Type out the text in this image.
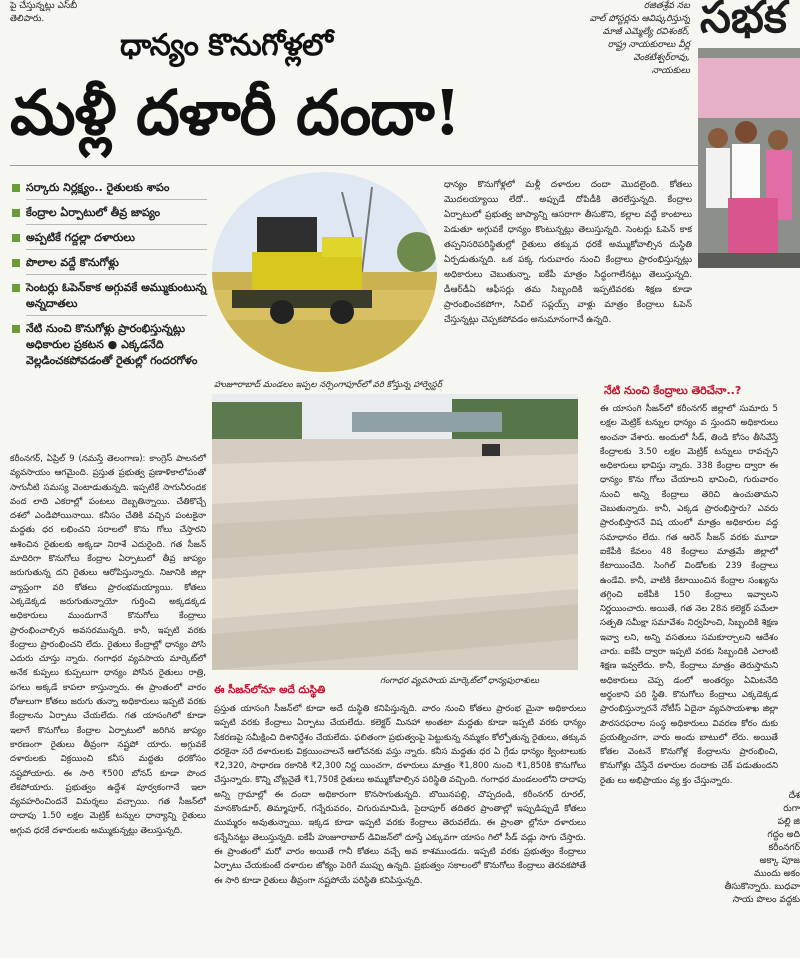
పై చేస్తున్నట్లు ఎస్‌బీ
తెలిపారు.
రజితశ్రేవ నబ
వాల్ పోస్టర్లను ఆవిష్కరిస్తున్న
మాజీ ఎమ్మెల్యే రవిశంకర్,
రాష్ట్ర నాయకురాలు వీర్ల
వెంకటేశ్వర్‌రావు,
నాయకులు
సభక
ధాన్యం కొనుగోళ్లలో
మళ్లీ దళారీ దందా!
సర్కారు నిర్లక్ష్యం.. రైతులకు శాపం
కేంద్రాల ఏర్పాటులో తీవ్ర జాప్యం
అప్పటికే గద్దల్లా దళారులు
పొలాల వద్దే కొనుగోళ్లు
సెంటర్లు ఓపెన్‌కాక అగ్గువకే అమ్ముకుంటున్న అన్నదాతలు
నేటి నుంచి కొనుగోళ్లు ప్రారంభిస్తున్నట్లు అధికారుల ప్రకటన ● ఎక్కడనేది వెల్లడించకపోవడంతో రైతుల్లో గందరగోళం
ధాన్యం కొనుగోళ్లలో మళ్లీ దళారుల దందా మొదలైంది. కోతలు మొదలయ్యాయి లేదో.. అప్పుడే దోపిడీకి తెరలేస్తున్నది. కేంద్రాల ఏర్పాటులో ప్రభుత్వ జాప్యాన్ని ఆసరాగా తీసుకొని, కల్లాల వద్దే కాంటాలు పెడుతూ అగ్గువకే ధాన్యం కొంటున్నట్లు తెలుస్తున్నది. సెంటర్లు ఓపెన్ కాక తప్పనిసరిపరిస్థితుల్లో రైతులు తక్కువ ధరకే అమ్ముకోవాల్సిన దుస్థితి ఏర్పడుతున్నది. ఒక పక్క గురువారం నుంచి కేంద్రాలు ప్రారంభిస్తున్నట్లు అధికారులు చెబుతున్నా, ఐకేపీ మాత్రం సిద్ధంగాలేనట్లు తెలుస్తున్నది. డీఆర్‌డీఏ ఆఫీసర్లు తమ సిబ్బందికి ఇప్పటివరకు శిక్షణ కూడా ప్రారంభించకపోగా, సివిల్ సప్లయ్స్ వాళ్లు మాత్రం కేంద్రాలు ఓపెన్ చేస్తున్నట్లు చెప్పకపోవడం అనుమానంగానే ఉన్నది.
హుజూరాబాద్ మండలం ఇప్పల నర్సింగాపూర్‌లో వరి కోస్తున్న హార్వెస్టర్
గంగాధర వ్యవసాయ మార్కెట్‌లో ధాన్యపురాశులు
కరీంనగర్, ఏప్రిల్ 9 (నమస్తే తెలంగాణ): కాంగ్రెస్ పాలనలో వ్యవసాయం ఆగమైంది. ప్రస్తుత ప్రభుత్వ ప్రణాళికాలోపంతో సాగునీటి సమస్య వెంటాడుతున్నది. ఇప్పటికే సాగునీరందక వంద లాది ఎకరాల్లో పంటలు దెబ్బతిన్నాయి. చేతికొచ్చే దశలో ఎండిపోయినాయి. కనీసం చేతికి వచ్చిన పంటకైనా మద్దతు ధర లభించని సరాలలో కొను గోలు చేస్తారని ఆశించిన రైతులకు అక్కడా నిరాశే ఎదురైంది. గత సీజన్ మాదిరిగా కొనుగోలు కేంద్రాల ఏర్పాటులో తీవ్ర జాప్యం జరుగుతున్న దని రైతులు ఆరోపిస్తున్నారు. నిజానికి జిల్లా వ్యాప్తంగా వరి కోతలు ప్రారంభమయ్యాయి. కోతలు ఎక్కడెక్కడ జరుగుతున్నాయో గుర్తించి అక్కడక్కడ అధికారులు ముందుగానే కొనుగోలు కేంద్రాలు ప్రారంభించాల్సిన అవసరమున్నది. కానీ, ఇప్పటి వరకు కేంద్రాలు ప్రారంభించని లేదు. రైతులు కేంద్రాల్లో ధాన్యం పోసి ఎదురు చూస్తు న్నారు. గంగాధర వ్యవసాయ మార్కెట్‌లో అనేక కుప్పలు కుప్పలుగా ధాన్యం పోసిన రైతులు రాత్రి, పగలు అక్కడే కాపలా కాస్తున్నారు. ఈ ప్రాంతంలో వారం రోజులుగా కోతలు జరుగు తున్నా అధికారులు ఇప్పటి వరకు కేంద్రాలను ఏర్పాటు చేయలేదు. గత యాసంగిలో కూడా ఇలాగే కొనుగోలు కేంద్రాల ఏర్పాటులో జరిగిన జాప్యం కారణంగా రైతులు తీవ్రంగా నష్టపో యారు. అగ్గువకే దళారులకు విక్రయించి కనీస మద్దతు ధరకోసం నష్టపోయారు. ఈ సారి ₹500 బోనస్ కూడా పొంద లేకపోయారు. ప్రభుత్వం ఉద్దేశ పూర్వకంగానే ఇలా వ్యవహరించిందనే విమర్శలు వచ్చాయి. గత సీజన్‌లో దాదాపు 1.50 లక్షల మెట్రిక్ టన్నుల ధాన్యాన్ని రైతులు అగ్గువ ధరకే దళారులకు అమ్ముకున్నట్లు తెలుస్తున్నది.
ఈ సీజన్‌లోనూ అదే దుస్థితి
ప్రస్తుత యాసంగి సీజన్‌లో కూడా అదే దుస్థితి కనిపిస్తున్నది. వారం నుంచి కోతలు ప్రారంభ మైనా అధికారులు ఇప్పటి వరకు కేంద్రాలు ఏర్పాటు చేయలేదు. కలెక్టర్ మినహా అంతటా మద్దతు కూడా ఇప్పటి వరకు ధాన్యం సేకరణపై సమీక్షించి దిశానిర్దేశం చేయలేదు. ఫలితంగా ప్రభుత్వంపై పెట్టుకున్న నమ్మకం కోల్పోతున్న రైతులు, తక్కువ ధరకైనా సరే దళారులకు విక్రయించాలనే ఆలోచనకు వస్తు న్నారు. కనీస మద్దతు ధర ఏ గ్రేడు ధాన్యం క్వింటాలుకు ₹2,320, సాధారణ రకానికి ₹2,300 నిర్ణ యించగా, దళారులు మాత్రం ₹1,800 నుంచి ₹1,850కి కొనుగోలు చేస్తున్నారు. కొన్ని చోట్లనైతే ₹1,750కే రైతులు అమ్ముకోవాల్సిన పరిస్థితి వచ్చింది. గంగాధర మండలంలోని దాదాపు అన్ని గ్రామాల్లో ఈ దందా అధికారంగా కొనసాగుతున్నది. బొయినపల్లి, చొప్పదండి, కరీంనగర్ రూరల్, మానకొండూర్, తిమ్మాపూర్, గన్నేరువరం, చిగురుమామిడి, సైదాపూర్ తదితర ప్రాంతాల్లో ఇప్పుడిప్పుడే కోతలు ముమ్మరం అవుతున్నాయి. ఇక్కడ కూడా ఇప్పటి వరకు కేంద్రాలు తెరువలేదు. ఈ ప్రాంతా ల్లోనూ దళారులు కన్నేసినట్టు తెలుస్తున్నది. ఐకేపీ హుజూరాబాద్ డివిజన్‌లో దూస్తే ఎక్కువగా యాసం గిలో సీడ్ వడ్లు సాగు చేస్తారు. ఈ ప్రాంతంలో మరో వారం అయితే గానీ కోతలు వచ్చే అవ కాశముండదు. ఇప్పటి వరకు ప్రభుత్వం కేంద్రాలు ఏర్పాటు చేయకుంటే దళారుల జోక్యం పెరిగే ముప్పు ఉన్నది. ప్రభుత్వం సకాలంలో కొనుగోలు కేంద్రాలు తెరవకపోతే ఈ సారి కూడా రైతులు తీవ్రంగా నష్టపోయే పరిస్థితి కనిపిస్తున్నది.
నేటి నుంచి కేంద్రాలు తెరిచేనా..?
ఈ యాసంగి సీజన్‌లో కరీంనగర్ జిల్లాలో సుమారు 5 లక్షల మెట్రిక్ టన్నుల ధాన్యం వ స్తుందని అధికారులు అంచనా వేశారు. అందులో సీడ్, తిండి కోసం తీసివేస్తే కేంద్రాలకు 3.50 లక్షల మెట్రిక్ టన్నులు రావచ్చని అధికారులు భావిస్తు న్నారు. 338 కేంద్రాల ద్వారా ఈ ధాన్యం కొను గోలు చేయాలని భావించి, గురువారం నుంచి అన్ని కేంద్రాలు తెరిచి ఉంచుతామని చెబుతున్నారు. కానీ, ఎక్కడ ప్రారంభిస్తారు? ఎవరు ప్రారంభిస్తారనే విష యంలో మాత్రం అధికారుల వద్ద సమాధానం లేదు. గత ఆరెన్ సీజన్ వరకు మూడా ఐకేపీకి కేవలం 48 కేంద్రాలు మాత్రమే జిల్లాలో కేటాయించేది. సింగిల్ విండోలకు 239 కేంద్రాలు ఉండేవి. కానీ, వాటికి కేటాయించిన కేంద్రాల సంఖ్యను తగ్గించి ఐకేపీకి 150 కేంద్రాలు ఇవ్వాలని నిర్ణయించారు. అయితే, గత నెల 28న కలెక్టర్ పమేలా సత్పతి సమీక్షా సమావేశం నిర్వహించి, సిబ్బందికి శిక్షణ ఇవ్వా లని, అన్ని వసతులు సమకూర్చాలని ఆదేశం చారు. ఐకేపీ ద్వారా ఇప్పటి వరకు సిబ్బందికి ఎలాంటి శిక్షణ ఇవ్వలేదు. కానీ, కేంద్రాలు మాత్రం తెరుస్తామని అధికారులు చెప్ప డంలో అంతర్యం ఏమిటనేది అర్థంకాని పరి స్థితి. కొనుగోలు కేంద్రాలు ఎక్కడెక్కడ ప్రారంభిస్తున్నారనే నోటీస్ ఏదైనా వ్యవసాయశాఖ జిల్లా పౌరసరఫరాల సంస్థ అధికారులు వివరణ కోరం దుకు ప్రయత్నించగా, వారు అందు బాటులో లేరు. అయితే కోతల వెంటనే కొనుగోళ్ల కేంద్రాలను ప్రారంభించి, కొనుగోళ్లు చేస్తేనే దళారుల దందాకు చెక్ పడుతుందని రైతు లు అభిప్రాయం వ్య క్తం చేస్తున్నారు.
దేశ
రుగా
పల్లి జి
గద్దం అది
కరీంనగర్
అక్కా పూజ
ముందు అకం
తీసుకొన్నారు. బుధవా
సాయ పొలం వద్దకు
